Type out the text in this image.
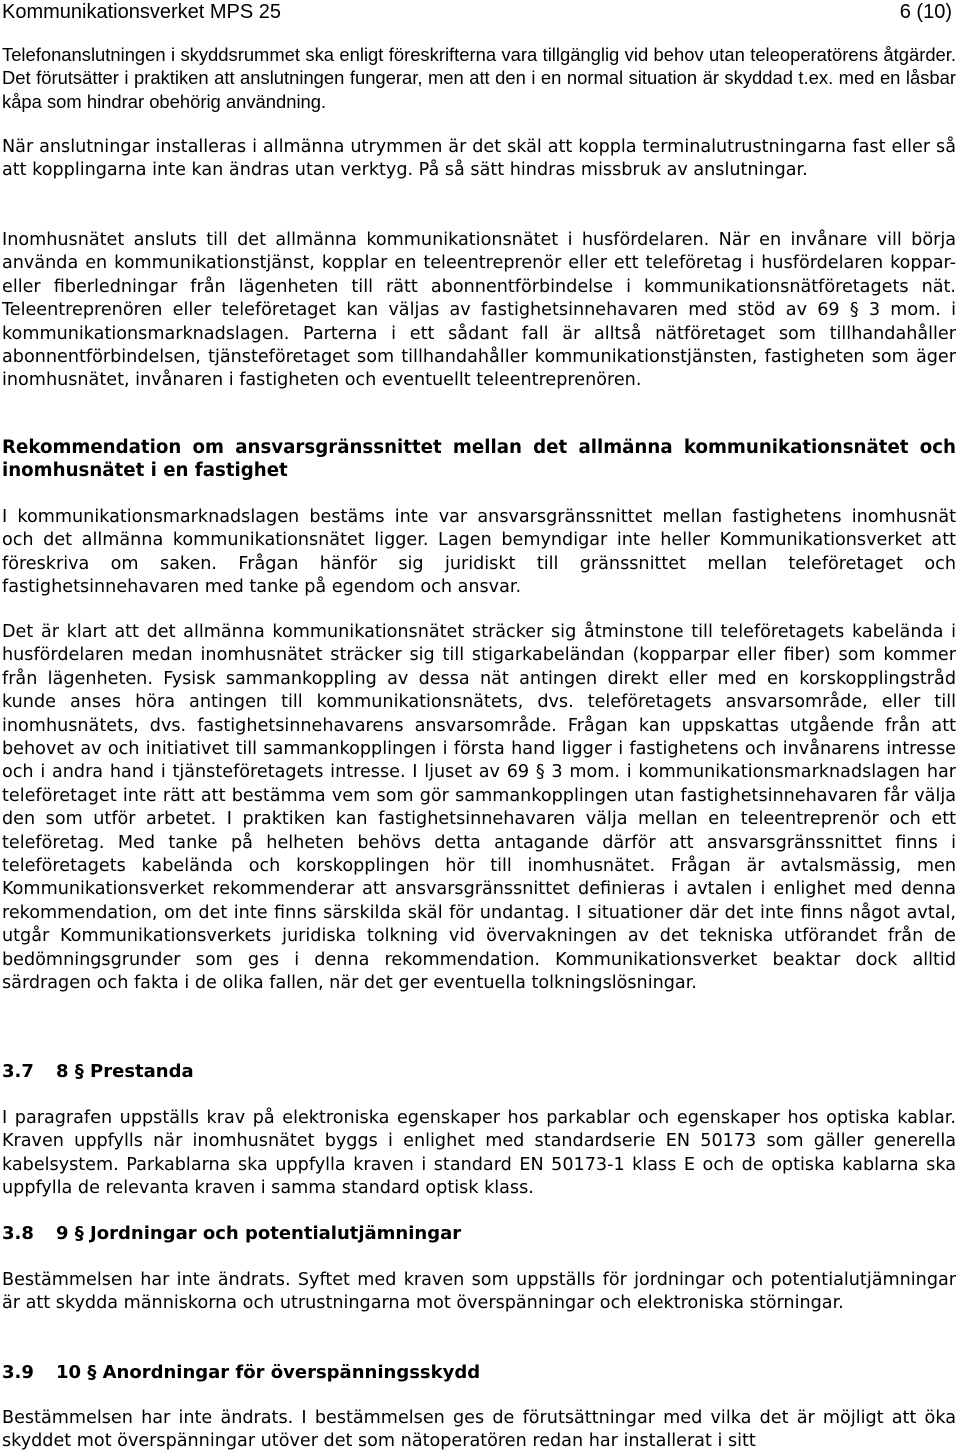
Kommunikationsverket MPS 25	6 (10)
Telefonanslutningen i skyddsrummet ska enligt föreskrifterna vara tillgänglig vid behov utan teleoperatörens åtgärder. Det förutsätter i praktiken att anslutningen fungerar, men att den i en normal situation är skyddad t.ex. med en låsbar kåpa som hindrar obehörig användning.
När anslutningar installeras i allmänna utrymmen är det skäl att koppla terminalutrustningarna fast eller så att kopplingarna inte kan ändras utan verktyg. På så sätt hindras missbruk av anslutningar.
Inomhusnätet ansluts till det allmänna kommunikationsnätet i husfördelaren. När en invånare vill börja använda en kommunikationstjänst, kopplar en teleentreprenör eller ett teleföretag i husfördelaren koppar- eller fiberledningar från lägenheten till rätt abonnentförbindelse i kommunikationsnätföretagets nät. Teleentreprenören eller teleföretaget kan väljas av fastighetsinnehavaren med stöd av 69 § 3 mom. i kommunikationsmarknadslagen. Parterna i ett sådant fall är alltså nätföretaget som tillhandahåller abonnentförbindelsen, tjänsteföretaget som tillhandahåller kommunikationstjänsten, fastigheten som äger inomhusnätet, invånaren i fastigheten och eventuellt teleentreprenören.
Rekommendation om ansvarsgränssnittet mellan det allmänna kommunikationsnätet och inomhusnätet i en fastighet
I kommunikationsmarknadslagen bestäms inte var ansvarsgränssnittet mellan fastighetens inomhusnät och det allmänna kommunikationsnätet ligger. Lagen bemyndigar inte heller Kommunikationsverket att föreskriva om saken. Frågan hänför sig juridiskt till gränssnittet mellan teleföretaget och fastighetsinnehavaren med tanke på egendom och ansvar.
Det är klart att det allmänna kommunikationsnätet sträcker sig åtminstone till teleföretagets kabelända i husfördelaren medan inomhusnätet sträcker sig till stigarkabeländan (kopparpar eller fiber) som kommer från lägenheten. Fysisk sammankoppling av dessa nät antingen direkt eller med en korskopplingstråd kunde anses höra antingen till kommunikationsnätets, dvs. teleföretagets ansvarsområde, eller till inomhusnätets, dvs. fastighetsinnehavarens ansvarsområde. Frågan kan uppskattas utgående från att behovet av och initiativet till sammankopplingen i första hand ligger i fastighetens och invånarens intresse och i andra hand i tjänsteföretagets intresse. I ljuset av 69 § 3 mom. i kommunikationsmarknadslagen har teleföretaget inte rätt att bestämma vem som gör sammankopplingen utan fastighetsinnehavaren får välja den som utför arbetet. I praktiken kan fastighetsinnehavaren välja mellan en teleentreprenör och ett teleföretag. Med tanke på helheten behövs detta antagande därför att ansvarsgränssnittet finns i teleföretagets kabelända och korskopplingen hör till inomhusnätet. Frågan är avtalsmässig, men Kommunikationsverket rekommenderar att ansvarsgränssnittet definieras i avtalen i enlighet med denna rekommendation, om det inte finns särskilda skäl för undantag. I situationer där det inte finns något avtal, utgår Kommunikationsverkets juridiska tolkning vid övervakningen av det tekniska utförandet från de bedömningsgrunder som ges i denna rekommendation. Kommunikationsverket beaktar dock alltid särdragen och fakta i de olika fallen, när det ger eventuella tolkningslösningar.
3.7 8 § Prestanda
I paragrafen uppställs krav på elektroniska egenskaper hos parkablar och egenskaper hos optiska kablar. Kraven uppfylls när inomhusnätet byggs i enlighet med standardserie EN 50173 som gäller generella kabelsystem. Parkablarna ska uppfylla kraven i standard EN 50173-1 klass E och de optiska kablarna ska uppfylla de relevanta kraven i samma standard optisk klass.
3.8 9 § Jordningar och potentialutjämningar
Bestämmelsen har inte ändrats. Syftet med kraven som uppställs för jordningar och potentialutjämningar är att skydda människorna och utrustningarna mot överspänningar och elektroniska störningar.
3.9 10 § Anordningar för överspänningsskydd
Bestämmelsen har inte ändrats. I bestämmelsen ges de förutsättningar med vilka det är möjligt att öka skyddet mot överspänningar utöver det som nätoperatören redan har installerat i sitt
